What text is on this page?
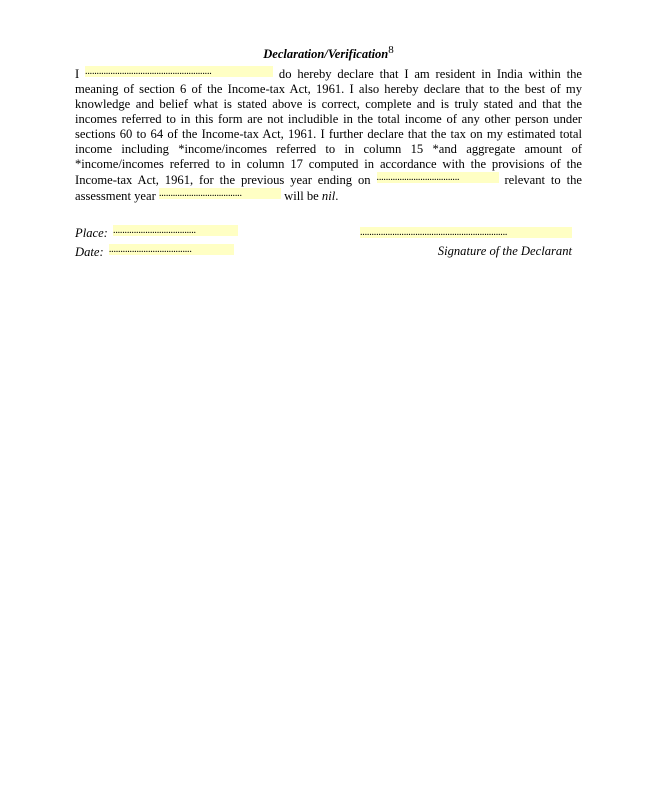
Declaration/Verification$^8$
I .......................................................	do hereby declare that I am resident in India within the meaning of section 6 of the Income-tax Act, 1961. I also hereby declare that to the best of my knowledge and belief what is stated above is correct, complete and is truly stated and that the incomes referred to in this form are not includible in the total income of any other person under sections 60 to 64 of the Income-tax Act, 1961. I further declare that the tax on my estimated total income including *income/incomes referred to in column 15 *and aggregate amount of *income/incomes referred to in column 17 computed in accordance with the provisions of the Income-tax Act, 1961, for the previous year ending on ....................................	relevant to the assessment year ....................................	will be nil.
Place: ....................................
Date: ....................................
................................................................
Signature of the Declarant
